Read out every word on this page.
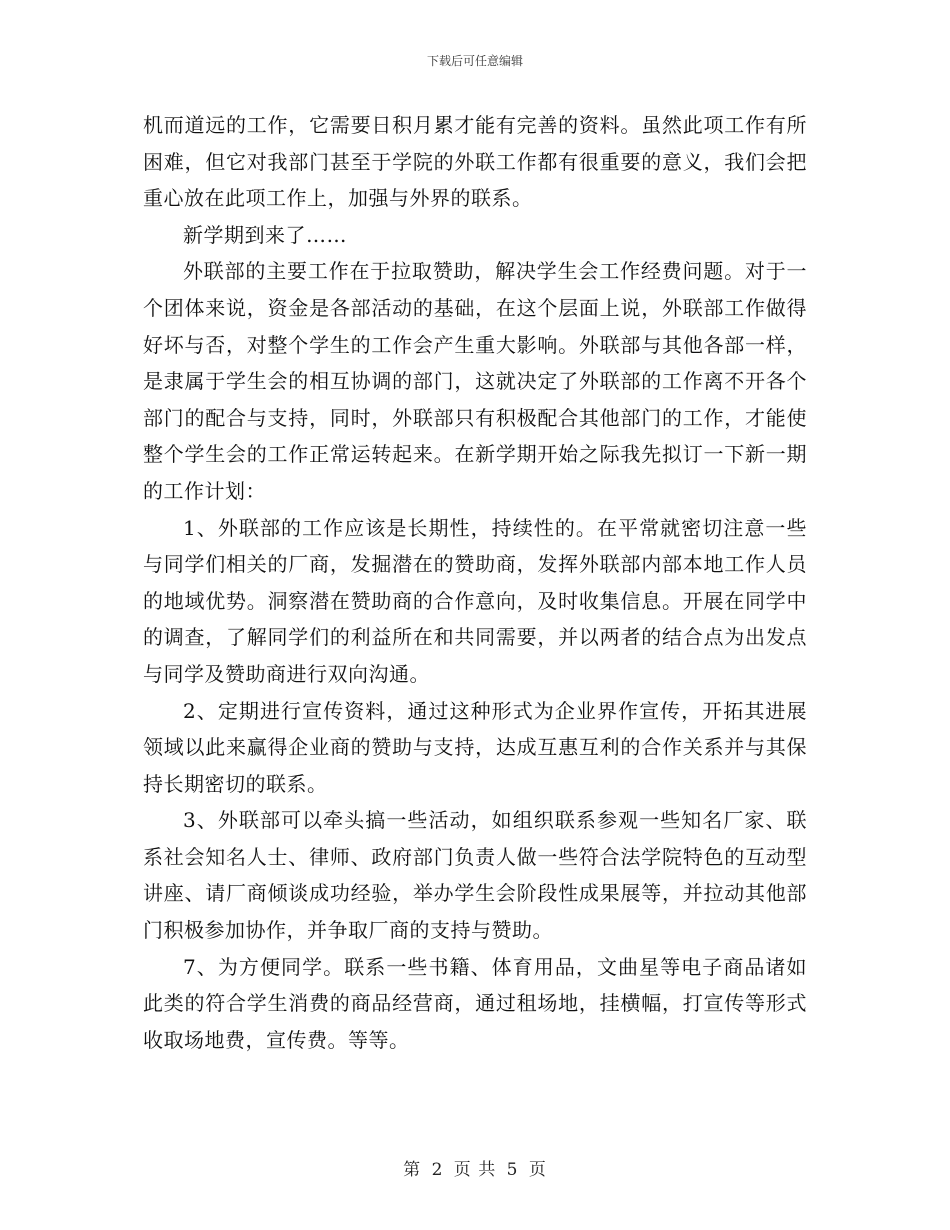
下载后可任意编辑

机而道远的工作，它需要日积月累才能有完善的资料。虽然此项工作有所困难，但它对我部门甚至于学院的外联工作都有很重要的意义，我们会把重心放在此项工作上，加强与外界的联系。

新学期到来了……

外联部的主要工作在于拉取赞助，解决学生会工作经费问题。对于一个团体来说，资金是各部活动的基础，在这个层面上说，外联部工作做得好坏与否，对整个学生的工作会产生重大影响。外联部与其他各部一样，是隶属于学生会的相互协调的部门，这就决定了外联部的工作离不开各个部门的配合与支持，同时，外联部只有积极配合其他部门的工作，才能使整个学生会的工作正常运转起来。在新学期开始之际我先拟订一下新一期的工作计划：

1、外联部的工作应该是长期性，持续性的。在平常就密切注意一些与同学们相关的厂商，发掘潜在的赞助商，发挥外联部内部本地工作人员的地域优势。洞察潜在赞助商的合作意向，及时收集信息。开展在同学中的调查，了解同学们的利益所在和共同需要，并以两者的结合点为出发点与同学及赞助商进行双向沟通。

2、定期进行宣传资料，通过这种形式为企业界作宣传，开拓其进展领域以此来赢得企业商的赞助与支持，达成互惠互利的合作关系并与其保持长期密切的联系。

3、外联部可以牵头搞一些活动，如组织联系参观一些知名厂家、联系社会知名人士、律师、政府部门负责人做一些符合法学院特色的互动型讲座、请厂商倾谈成功经验，举办学生会阶段性成果展等，并拉动其他部门积极参加协作，并争取厂商的支持与赞助。

7、为方便同学。联系一些书籍、体育用品，文曲星等电子商品诸如此类的符合学生消费的商品经营商，通过租场地，挂横幅，打宣传等形式收取场地费，宣传费。等等。

第 2 页 共 5 页
